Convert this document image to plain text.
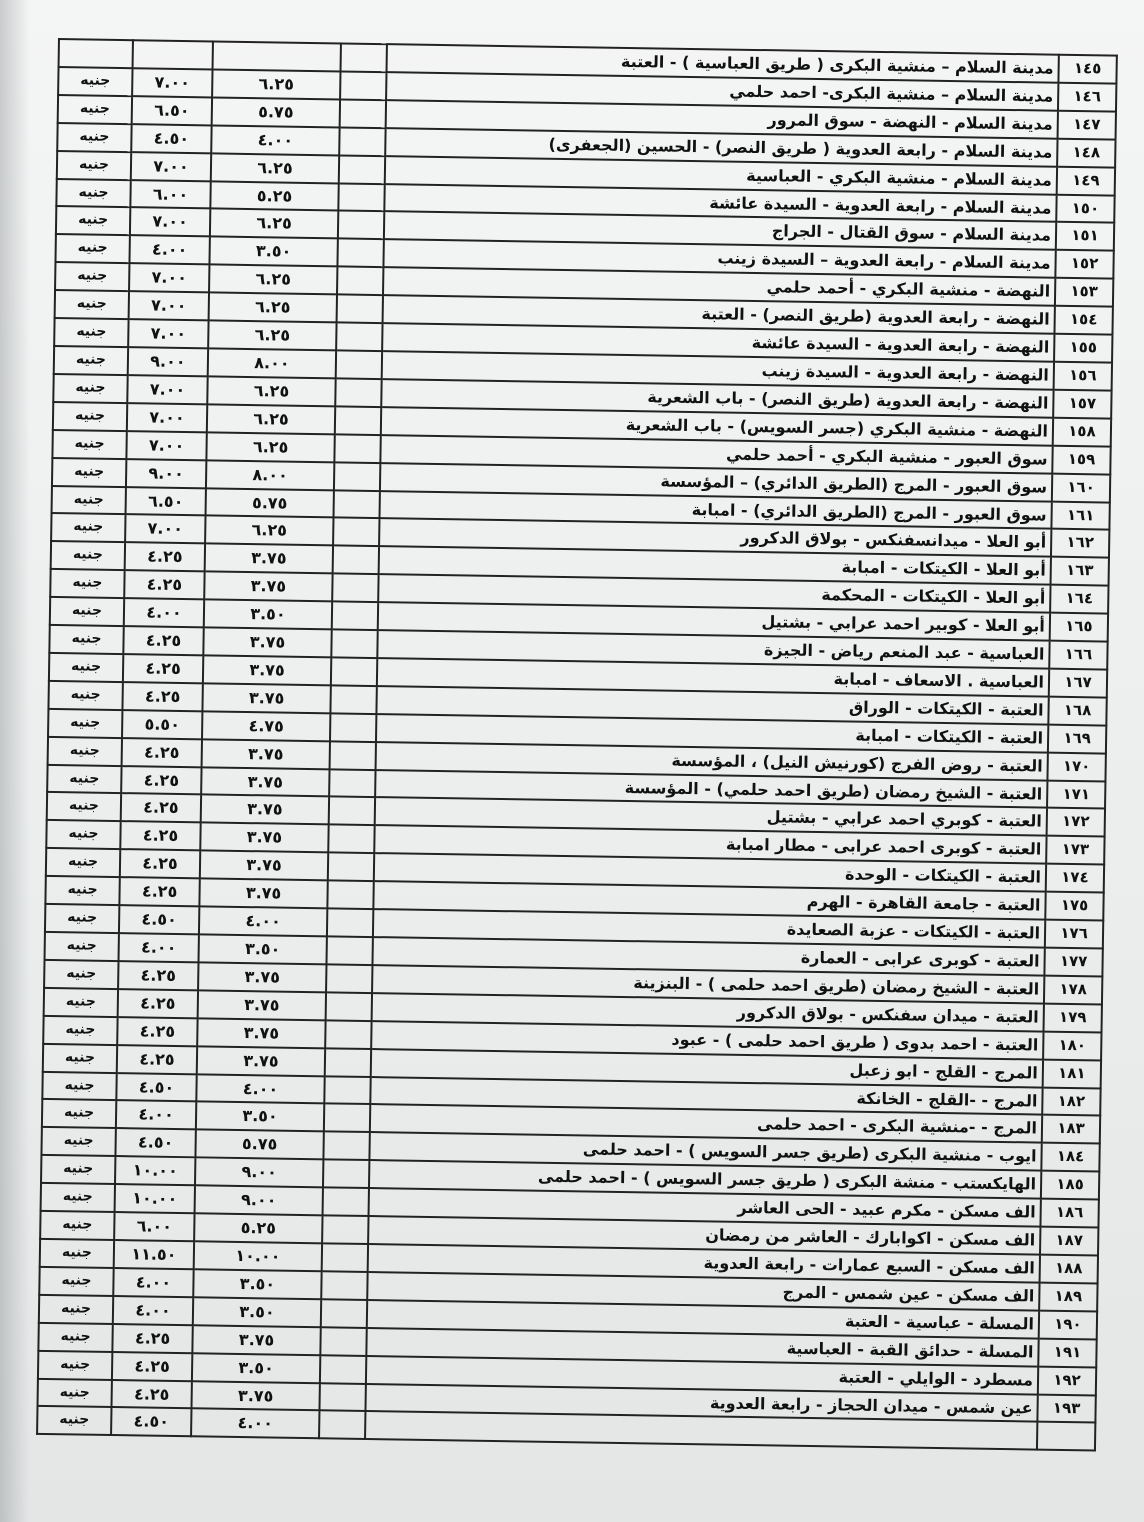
				مدينة السلام – منشية البكرى ( طريق العباسية ) - العتبة	١٤٥
جنيه	٧.٠٠	٦.٢٥		مدينة السلام – منشية البكرى- احمد حلمي	١٤٦
جنيه	٦.٥٠	٥.٧٥		مدينة السلام - النهضة - سوق المرور	١٤٧
جنيه	٤.٥٠	٤.٠٠		مدينة السلام - رابعة العدوية ( طريق النصر) - الحسين (الجعفرى)	١٤٨
جنيه	٧.٠٠	٦.٢٥		مدينة السلام - منشية البكري - العباسية	١٤٩
جنيه	٦.٠٠	٥.٢٥		مدينة السلام - رابعة العدوية - السيدة عائشة	١٥٠
جنيه	٧.٠٠	٦.٢٥		مدينة السلام - سوق القتال - الجراج	١٥١
جنيه	٤.٠٠	٣.٥٠		مدينة السلام - رابعة العدوية – السيدة زينب	١٥٢
جنيه	٧.٠٠	٦.٢٥		النهضة - منشية البكري - أحمد حلمي	١٥٣
جنيه	٧.٠٠	٦.٢٥		النهضة - رابعة العدوية (طريق النصر) - العتبة	١٥٤
جنيه	٧.٠٠	٦.٢٥		النهضة - رابعة العدوية - السيدة عائشة	١٥٥
جنيه	٩.٠٠	٨.٠٠		النهضة - رابعة العدوية - السيدة زينب	١٥٦
جنيه	٧.٠٠	٦.٢٥		النهضة - رابعة العدوية (طريق النصر) - باب الشعرية	١٥٧
جنيه	٧.٠٠	٦.٢٥		النهضة - منشية البكري (جسر السويس) - باب الشعرية	١٥٨
جنيه	٧.٠٠	٦.٢٥		سوق العبور - منشية البكري - أحمد حلمي	١٥٩
جنيه	٩.٠٠	٨.٠٠		سوق العبور - المرج (الطريق الدائري) – المؤسسة	١٦٠
جنيه	٦.٥٠	٥.٧٥		سوق العبور - المرج (الطريق الدائري) - امبابة	١٦١
جنيه	٧.٠٠	٦.٢٥		أبو العلا - ميدانسفنكس - بولاق الدكرور	١٦٢
جنيه	٤.٢٥	٣.٧٥		أبو العلا - الكيتكات - امبابة	١٦٣
جنيه	٤.٢٥	٣.٧٥		أبو العلا - الكيتكات - المحكمة	١٦٤
جنيه	٤.٠٠	٣.٥٠		أبو العلا - كوبير احمد عرابي - بشتيل	١٦٥
جنيه	٤.٢٥	٣.٧٥		العباسية - عبد المنعم رياض - الجيزة	١٦٦
جنيه	٤.٢٥	٣.٧٥		العباسية . الاسعاف - امبابة	١٦٧
جنيه	٤.٢٥	٣.٧٥		العتبة - الكيتكات - الوراق	١٦٨
جنيه	٥.٥٠	٤.٧٥		العتبة - الكيتكات - امبابة	١٦٩
جنيه	٤.٢٥	٣.٧٥		العتبة - روض الفرج (كورنيش النيل) ، المؤسسة	١٧٠
جنيه	٤.٢٥	٣.٧٥		العتبة - الشيخ رمضان (طريق احمد حلمي) - المؤسسة	١٧١
جنيه	٤.٢٥	٣.٧٥		العتبة - كوبري احمد عرابي - بشتيل	١٧٢
جنيه	٤.٢٥	٣.٧٥		العتبة - كوبرى احمد عرابى - مطار امبابة	١٧٣
جنيه	٤.٢٥	٣.٧٥		العتبة - الكيتكات - الوحدة	١٧٤
جنيه	٤.٢٥	٣.٧٥		العتبة - جامعة القاهرة - الهرم	١٧٥
جنيه	٤.٥٠	٤.٠٠		العتبة - الكيتكات - عزبة الصعايدة	١٧٦
جنيه	٤.٠٠	٣.٥٠		العتبة - كوبرى عرابى - العمارة	١٧٧
جنيه	٤.٢٥	٣.٧٥		العتبة - الشيخ رمضان (طريق احمد حلمى ) - البنزينة	١٧٨
جنيه	٤.٢٥	٣.٧٥		العتبة - ميدان سفنكس - بولاق الدكرور	١٧٩
جنيه	٤.٢٥	٣.٧٥		العتبة - احمد بدوى ( طريق احمد حلمى ) - عبود	١٨٠
جنيه	٤.٢٥	٣.٧٥		المرج - القلج - ابو زعبل	١٨١
جنيه	٤.٥٠	٤.٠٠		المرج - -القلج - الخانكة	١٨٢
جنيه	٤.٠٠	٣.٥٠		المرج - -منشية البكرى - احمد حلمى	١٨٣
جنيه	٤.٥٠	٥.٧٥		ايوب - منشية البكرى (طريق جسر السويس ) - احمد حلمى	١٨٤
جنيه	١٠.٠٠	٩.٠٠		الهايكستب - منشة البكرى ( طريق جسر السويس ) - احمد حلمى	١٨٥
جنيه	١٠.٠٠	٩.٠٠		الف مسكن - مكرم عبيد - الحى العاشر	١٨٦
جنيه	٦.٠٠	٥.٢٥		الف مسكن - اكوابارك - العاشر من رمضان	١٨٧
جنيه	١١.٥٠	١٠.٠٠		الف مسكن - السبع عمارات - رابعة العدوية	١٨٨
جنيه	٤.٠٠	٣.٥٠		الف مسكن - عين شمس - المرج	١٨٩
جنيه	٤.٠٠	٣.٥٠		المسلة - عباسية - العتبة	١٩٠
جنيه	٤.٢٥	٣.٧٥		المسلة - حدائق القبة - العباسية	١٩١
جنيه	٤.٢٥	٣.٥٠		مسطرد - الوايلي - العتبة	١٩٢
جنيه	٤.٢٥	٣.٧٥		عين شمس - ميدان الحجاز - رابعة العدوية	١٩٣
جنيه	٤.٥٠	٤.٠٠			
